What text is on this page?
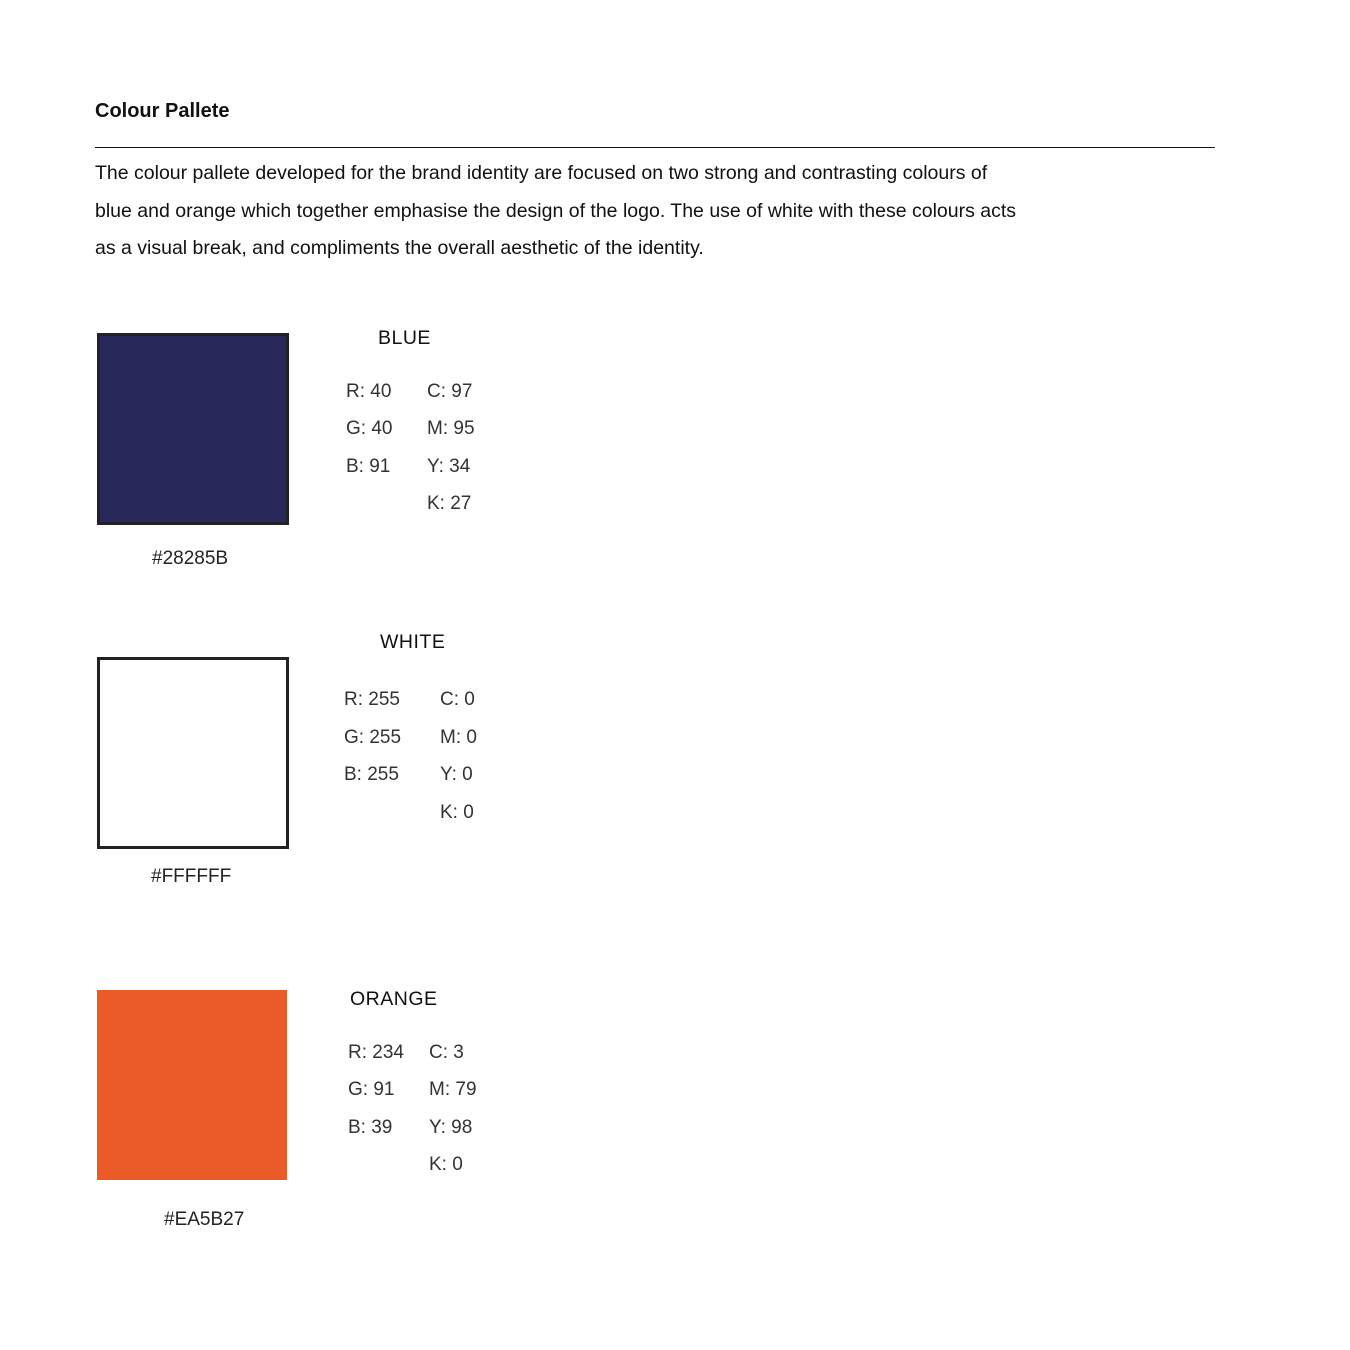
Colour Pallete

The colour pallete developed for the brand identity are focused on two strong and contrasting colours of
blue and orange which together emphasise the design of the logo. The use of white with these colours acts
as a visual break, and compliments the overall aesthetic of the identity.

#28285B
BLUE
R: 40
G: 40
B: 91
C: 97
M: 95
Y: 34
K: 27
#FFFFFF
WHITE
R: 255
G: 255
B: 255
C: 0
M: 0
Y: 0
K: 0
#EA5B27
ORANGE
R: 234
G: 91
B: 39
C: 3
M: 79
Y: 98
K: 0
